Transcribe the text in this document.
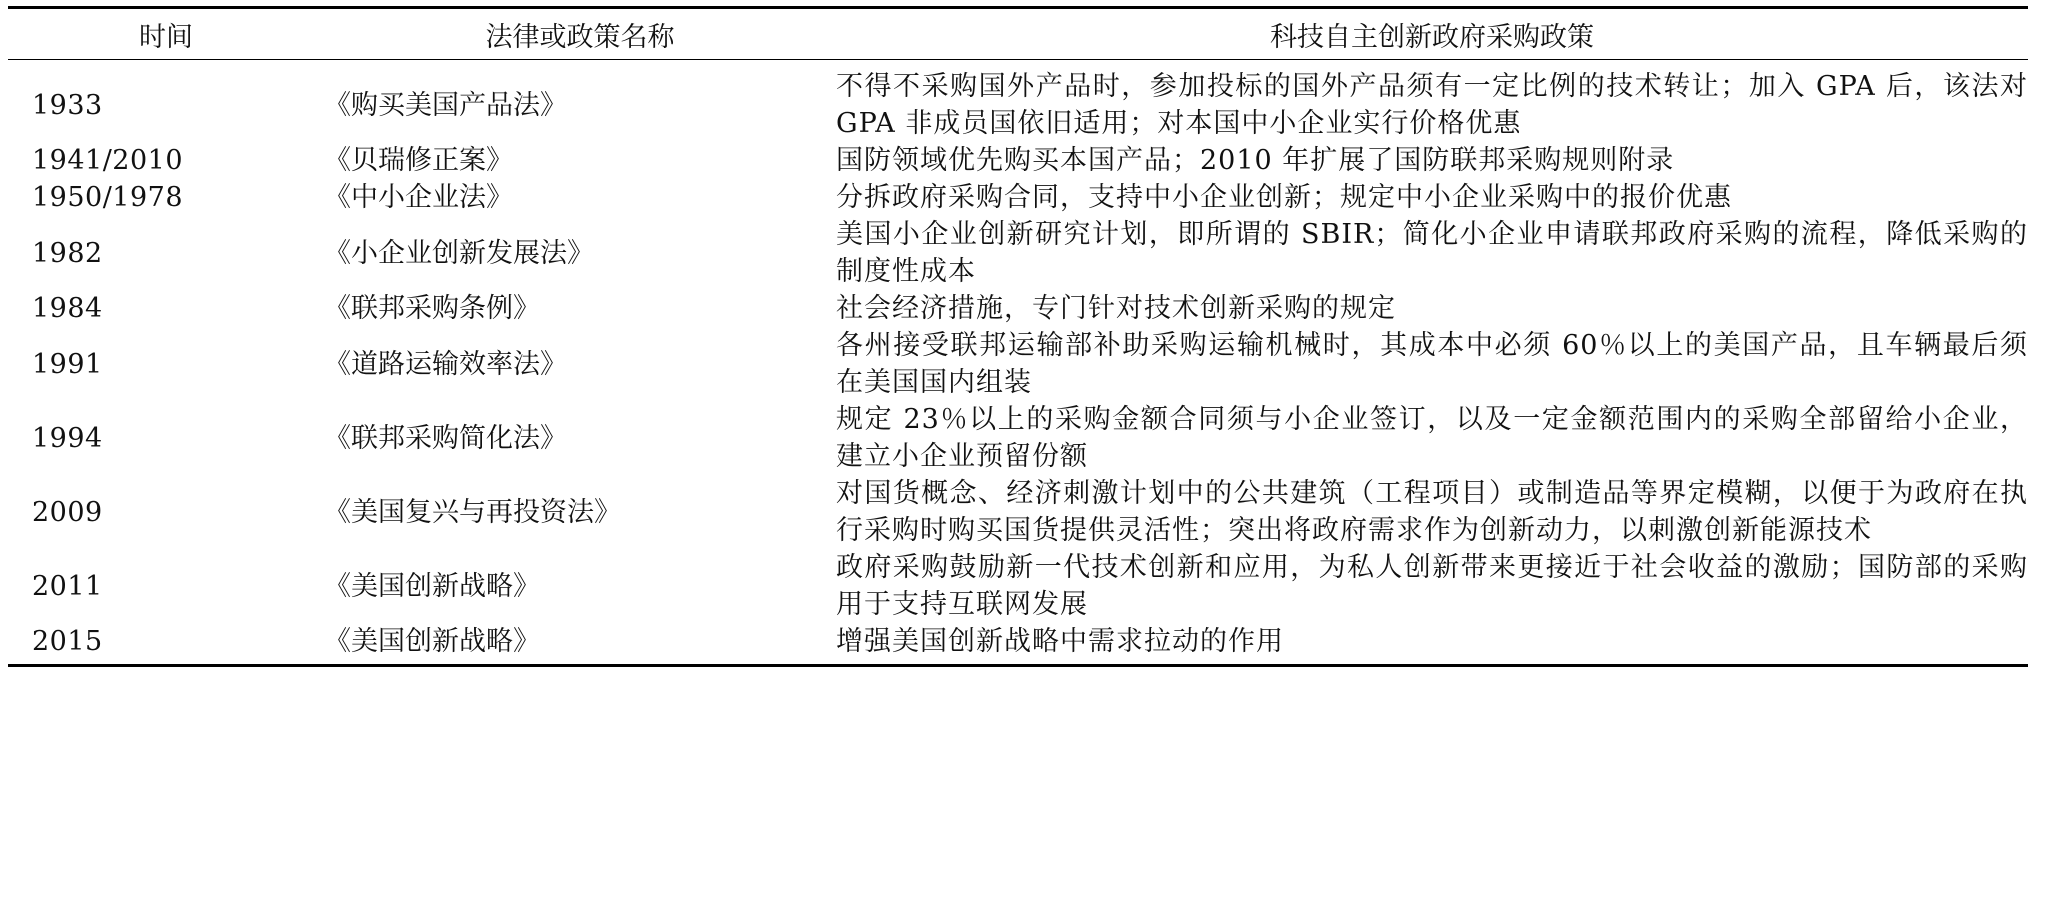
时间	法律或政策名称	科技自主创新政府采购政策
1933	《购买美国产品法》	不得不采购国外产品时，参加投标的国外产品须有一定比例的技术转让；加入 GPA 后，该法对 GPA 非成员国依旧适用；对本国中小企业实行价格优惠
1941/2010	《贝瑞修正案》	国防领域优先购买本国产品；2010 年扩展了国防联邦采购规则附录
1950/1978	《中小企业法》	分拆政府采购合同，支持中小企业创新；规定中小企业采购中的报价优惠
1982	《小企业创新发展法》	美国小企业创新研究计划，即所谓的 SBIR；简化小企业申请联邦政府采购的流程，降低采购的制度性成本
1984	《联邦采购条例》	社会经济措施，专门针对技术创新采购的规定
1991	《道路运输效率法》	各州接受联邦运输部补助采购运输机械时，其成本中必须 60％以上的美国产品，且车辆最后须在美国国内组装
1994	《联邦采购简化法》	规定 23％以上的采购金额合同须与小企业签订，以及一定金额范围内的采购全部留给小企业，建立小企业预留份额
2009	《美国复兴与再投资法》	对国货概念、经济刺激计划中的公共建筑（工程项目）或制造品等界定模糊，以便于为政府在执行采购时购买国货提供灵活性；突出将政府需求作为创新动力，以刺激创新能源技术
2011	《美国创新战略》	政府采购鼓励新一代技术创新和应用，为私人创新带来更接近于社会收益的激励；国防部的采购用于支持互联网发展
2015	《美国创新战略》	增强美国创新战略中需求拉动的作用
